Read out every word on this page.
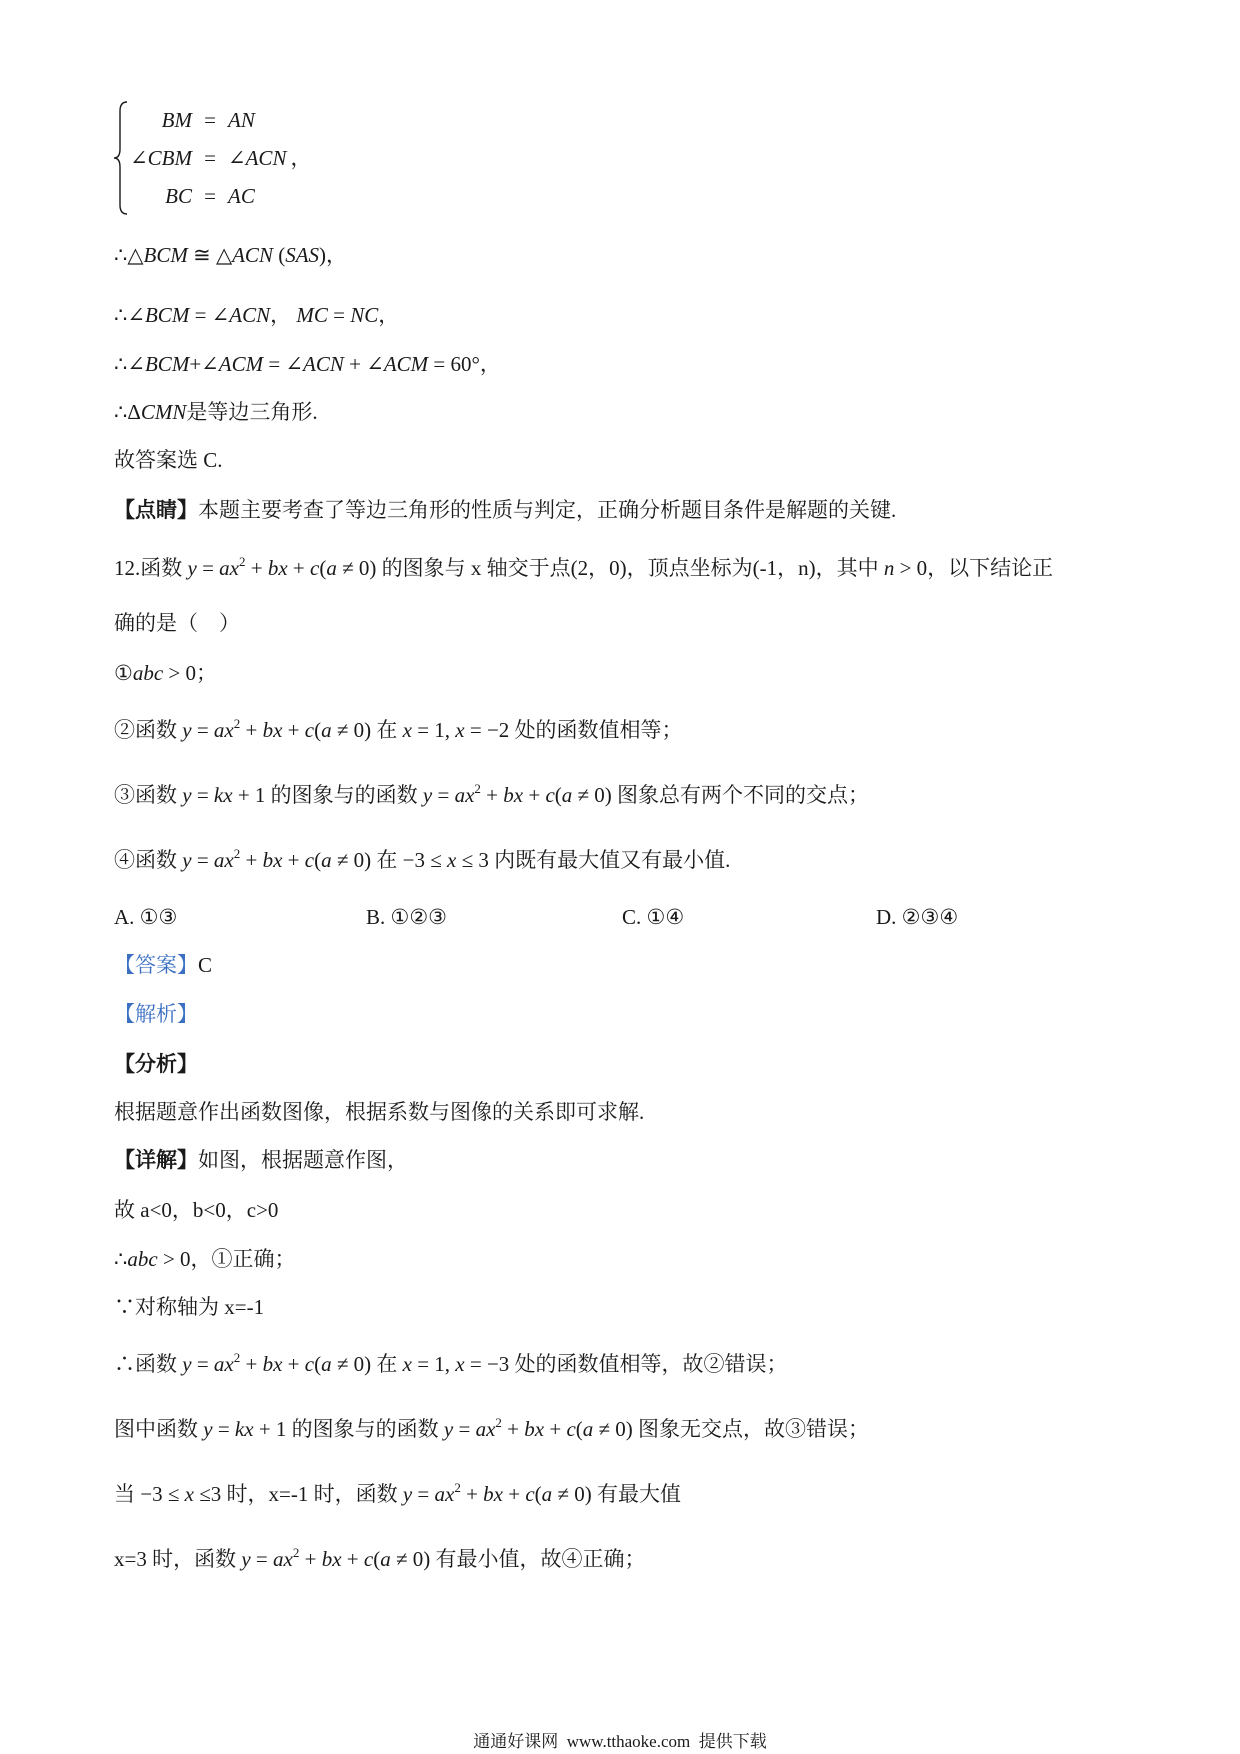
BM = AN
∠CBM = ∠ACN ，
BC = AC
∴△BCM ≅ △ACN (SAS)，
∴∠BCM = ∠ACN， MC = NC，
∴∠BCM+∠ACM = ∠ACN + ∠ACM = 60°，
∴ΔCMN是等边三角形.
故答案选 C.
【点睛】本题主要考查了等边三角形的性质与判定，正确分析题目条件是解题的关键.
12.函数 $y = ax^2$ + bx + c(a ≠ 0) 的图象与 x 轴交于点(2，0)，顶点坐标为(-1，n)，其中 n > 0，以下结论正
确的是（　）
①abc > 0；
②函数 $y = ax^2$ + bx + c(a ≠ 0) 在 x = 1, x = −2 处的函数值相等；
③函数 y = kx + 1 的图象与的函数 $y = ax^2$ + bx + c(a ≠ 0) 图象总有两个不同的交点；
④函数 $y = ax^2$ + bx + c(a ≠ 0) 在 −3 ≤ x ≤ 3 内既有最大值又有最小值.
A. ①③	B. ①②③	C. ①④	D. ②③④
【答案】C
【解析】
【分析】
根据题意作出函数图像，根据系数与图像的关系即可求解.
【详解】如图，根据题意作图，
故 a<0，b<0，c>0
∴abc > 0，①正确；
∵对称轴为 x=-1
∴函数 $y = ax^2$ + bx + c(a ≠ 0) 在 x = 1, x = −3 处的函数值相等，故②错误；
图中函数 y = kx + 1 的图象与的函数 $y = ax^2$ + bx + c(a ≠ 0) 图象无交点，故③错误；
当 −3 ≤ x ≤3 时，x=-1 时，函数 $y = ax^2$ + bx + c(a ≠ 0) 有最大值
x=3 时，函数 $y = ax^2$ + bx + c(a ≠ 0) 有最小值，故④正确；
通通好课网  www.tthaoke.com  提供下载
